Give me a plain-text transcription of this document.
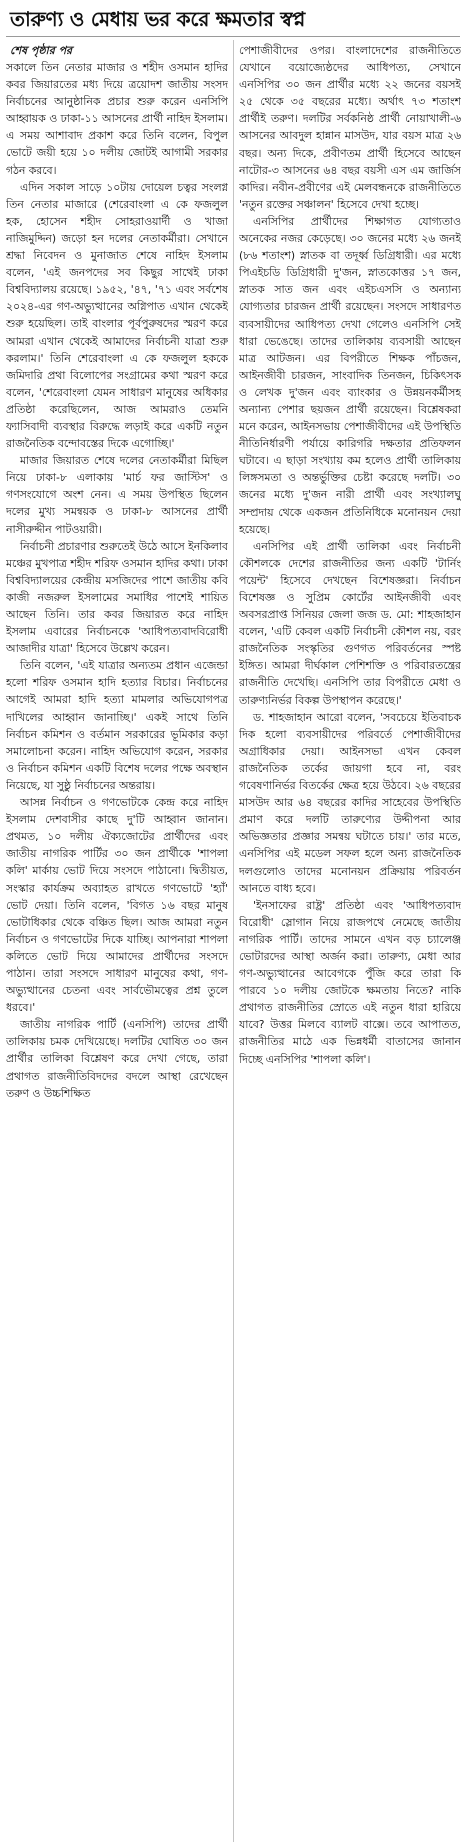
তারুণ্য ও মেধায় ভর করে ক্ষমতার স্বপ্ন
শেষ পৃষ্ঠার পর

সকালে তিন নেতার মাজার ও শহীদ ওসমান হাদির কবর জিয়ারতের মধ্য দিয়ে ত্রয়োদশ জাতীয় সংসদ নির্বাচনের আনুষ্ঠানিক প্রচার শুরু করেন এনসিপি আহ্বায়ক ও ঢাকা-১১ আসনের প্রার্থী নাহিদ ইসলাম। এ সময় আশাবাদ প্রকাশ করে তিনি বলেন, বিপুল ভোটে জয়ী হয়ে ১০ দলীয় জোটই আগামী সরকার গঠন করবে।

এদিন সকাল সাড়ে ১০টায় দোয়েল চত্বর সংলগ্ন তিন নেতার মাজারে (শেরেবাংলা এ কে ফজলুল হক, হোসেন শহীদ সোহরাওয়ার্দী ও খাজা নাজিমুদ্দিন) জড়ো হন দলের নেতাকর্মীরা। সেখানে শ্রদ্ধা নিবেদন ও মুনাজাত শেষে নাহিদ ইসলাম বলেন, 'এই জনপদের সব কিছুর সাথেই ঢাকা বিশ্ববিদ্যালয় রয়েছে। ১৯৫২, '৪৭, '৭১ এবং সর্বশেষ ২০২৪-এর গণ-অভ্যুত্থানের অগ্নিপাত এখান থেকেই শুরু হয়েছিল। তাই বাংলার পূর্বপুরুষদের স্মরণ করে আমরা এখান থেকেই আমাদের নির্বাচনী যাত্রা শুরু করলাম।' তিনি শেরেবাংলা এ কে ফজলুল হককে জমিদারি প্রথা বিলোপের সংগ্রামের কথা স্মরণ করে বলেন, 'শেরেবাংলা যেমন সাধারণ মানুষের অধিকার প্রতিষ্ঠা করেছিলেন, আজ আমরাও তেমনি ফ্যাসিবাদী ব্যবস্থার বিরুদ্ধে লড়াই করে একটি নতুন রাজনৈতিক বন্দোবস্তের দিকে এগোচ্ছি।'

মাজার জিয়ারত শেষে দলের নেতাকর্মীরা মিছিল নিয়ে ঢাকা-৮ এলাকায় 'মার্চ ফর জাস্টিস' ও গণসংযোগে অংশ নেন। এ সময় উপস্থিত ছিলেন দলের মুখ্য সমন্বয়ক ও ঢাকা-৮ আসনের প্রার্থী নাসীরুদ্দীন পাটওয়ারী।

নির্বাচনী প্রচারণার শুরুতেই উঠে আসে ইনকিলাব মঞ্চের মুখপাত্র শহীদ শরিফ ওসমান হাদির কথা। ঢাকা বিশ্ববিদ্যালয়ের কেন্দ্রীয় মসজিদের পাশে জাতীয় কবি কাজী নজরুল ইসলামের সমাধির পাশেই শায়িত আছেন তিনি। তার কবর জিয়ারত করে নাহিদ ইসলাম এবারের নির্বাচনকে 'আধিপত্যবাদবিরোধী আজাদীর যাত্রা' হিসেবে উল্লেখ করেন।

তিনি বলেন, 'এই যাত্রার অন্যতম প্রধান এজেন্ডা হলো শরিফ ওসমান হাদি হত্যার বিচার। নির্বাচনের আগেই আমরা হাদি হত্যা মামলার অভিযোগপত্র দাখিলের আহ্বান জানাচ্ছি।' একই সাথে তিনি নির্বাচন কমিশন ও বর্তমান সরকারের ভূমিকার কড়া সমালোচনা করেন। নাহিদ অভিযোগ করেন, সরকার ও নির্বাচন কমিশন একটি বিশেষ দলের পক্ষে অবস্থান নিয়েছে, যা সুষ্ঠু নির্বাচনের অন্তরায়।

আসন্ন নির্বাচন ও গণভোটকে কেন্দ্র করে নাহিদ ইসলাম দেশবাসীর কাছে দু'টি আহ্বান জানান। প্রথমত, ১০ দলীয় ঐক্যজোটের প্রার্থীদের এবং জাতীয় নাগরিক পার্টির ৩০ জন প্রার্থীকে 'শাপলা কলি' মার্কায় ভোট দিয়ে সংসদে পাঠানো। দ্বিতীয়ত, সংস্কার কার্যক্রম অব্যাহত রাখতে গণভোটে 'হ্যাঁ' ভোট দেয়া। তিনি বলেন, 'বিগত ১৬ বছর মানুষ ভোটাধিকার থেকে বঞ্চিত ছিল। আজ আমরা নতুন নির্বাচন ও গণভোটের দিকে যাচ্ছি। আপনারা শাপলা কলিতে ভোট দিয়ে আমাদের প্রার্থীদের সংসদে পাঠান। তারা সংসদে সাধারণ মানুষের কথা, গণ-অভ্যুত্থানের চেতনা এবং সার্বভৌমত্বের প্রশ্ন তুলে ধরবে।'

জাতীয় নাগরিক পার্টি (এনসিপি) তাদের প্রার্থী তালিকায় চমক দেখিয়েছে। দলটির ঘোষিত ৩০ জন প্রার্থীর তালিকা বিশ্লেষণ করে দেখা গেছে, তারা প্রথাগত রাজনীতিবিদদের বদলে আস্থা রেখেছেন তরুণ ও উচ্চশিক্ষিত

পেশাজীবীদের ওপর। বাংলাদেশের রাজনীতিতে যেখানে বয়োজ্যেষ্ঠদের আধিপত্য, সেখানে এনসিপির ৩০ জন প্রার্থীর মধ্যে ২২ জনের বয়সই ২৫ থেকে ৩৫ বছরের মধ্যে। অর্থাৎ ৭৩ শতাংশ প্রার্থীই তরুণ। দলটির সর্বকনিষ্ঠ প্রার্থী নোয়াখালী-৬ আসনের আবদুল হান্নান মাসউদ, যার বয়স মাত্র ২৬ বছর। অন্য দিকে, প্রবীণতম প্রার্থী হিসেবে আছেন নাটোর-৩ আসনের ৬৪ বছর বয়সী এস এম জার্জিস কাদির। নবীন-প্রবীণের এই মেলবন্ধনকে রাজনীতিতে 'নতুন রক্তের সঞ্চালন' হিসেবে দেখা হচ্ছে।

এনসিপির প্রার্থীদের শিক্ষাগত যোগ্যতাও অনেকের নজর কেড়েছে। ৩০ জনের মধ্যে ২৬ জনই (৮৬ শতাংশ) স্নাতক বা তদূর্ধ্ব ডিগ্রিধারী। এর মধ্যে পিএইচডি ডিগ্রিধারী দু'জন, স্নাতকোত্তর ১৭ জন, স্নাতক সাত জন এবং এইচএসসি ও অন্যান্য যোগ্যতার চারজন প্রার্থী রয়েছেন। সংসদে সাধারণত ব্যবসায়ীদের আধিপত্য দেখা গেলেও এনসিপি সেই ধারা ভেঙেছে। তাদের তালিকায় ব্যবসায়ী আছেন মাত্র আটজন। এর বিপরীতে শিক্ষক পাঁচজন, আইনজীবী চারজন, সাংবাদিক তিনজন, চিকিৎসক ও লেখক দু'জন এবং ব্যাংকার ও উন্নয়নকর্মীসহ অন্যান্য পেশার ছয়জন প্রার্থী রয়েছেন। বিশ্লেষকরা মনে করেন, আইনসভায় পেশাজীবীদের এই উপস্থিতি নীতিনির্ধারণী পর্যায়ে কারিগরি দক্ষতার প্রতিফলন ঘটাবে। এ ছাড়া সংখ্যায় কম হলেও প্রার্থী তালিকায় লিঙ্গসমতা ও অন্তর্ভুক্তির চেষ্টা করেছে দলটি। ৩০ জনের মধ্যে দু'জন নারী প্রার্থী এবং সংখ্যালঘু সম্প্রদায় থেকে একজন প্রতিনিধিকে মনোনয়ন দেয়া হয়েছে।

এনসিপির এই প্রার্থী তালিকা এবং নির্বাচনী কৌশলকে দেশের রাজনীতির জন্য একটি 'টার্নিং পয়েন্ট' হিসেবে দেখছেন বিশেষজ্ঞরা। নির্বাচন বিশেষজ্ঞ ও সুপ্রিম কোর্টের আইনজীবী এবং অবসরপ্রাপ্ত সিনিয়র জেলা জজ ড. মো: শাহজাহান বলেন, 'এটি কেবল একটি নির্বাচনী কৌশল নয়, বরং রাজনৈতিক সংস্কৃতির গুণগত পরিবর্তনের স্পষ্ট ইঙ্গিত। আমরা দীর্ঘকাল পেশিশক্তি ও পরিবারতন্ত্রের রাজনীতি দেখেছি। এনসিপি তার বিপরীতে মেধা ও তারুণ্যনির্ভর বিকল্প উপস্থাপন করেছে।'

ড. শাহজাহান আরো বলেন, 'সবচেয়ে ইতিবাচক দিক হলো ব্যবসায়ীদের পরিবর্তে পেশাজীবীদের অগ্রাধিকার দেয়া। আইনসভা এখন কেবল রাজনৈতিক তর্কের জায়গা হবে না, বরং গবেষণানির্ভর বিতর্কের ক্ষেত্র হয়ে উঠবে। ২৬ বছরের মাসউদ আর ৬৪ বছরের কাদির সাহেবের উপস্থিতি প্রমাণ করে দলটি তারুণ্যের উদ্দীপনা আর অভিজ্ঞতার প্রজ্ঞার সমন্বয় ঘটাতে চায়।' তার মতে, এনসিপির এই মডেল সফল হলে অন্য রাজনৈতিক দলগুলোও তাদের মনোনয়ন প্রক্রিয়ায় পরিবর্তন আনতে বাধ্য হবে।

'ইনসাফের রাষ্ট্র' প্রতিষ্ঠা এবং 'আধিপত্যবাদ বিরোধী' স্লোগান নিয়ে রাজপথে নেমেছে জাতীয় নাগরিক পার্টি। তাদের সামনে এখন বড় চ্যালেঞ্জ ভোটারদের আস্থা অর্জন করা। তারুণ্য, মেধা আর গণ-অভ্যুত্থানের আবেগকে পুঁজি করে তারা কি পারবে ১০ দলীয় জোটকে ক্ষমতায় নিতে? নাকি প্রথাগত রাজনীতির স্রোতে এই নতুন ধারা হারিয়ে যাবে? উত্তর মিলবে ব্যালট বাক্সে। তবে আপাতত, রাজনীতির মাঠে এক ভিন্নধর্মী বাতাসের জানান দিচ্ছে এনসিপির 'শাপলা কলি'।
